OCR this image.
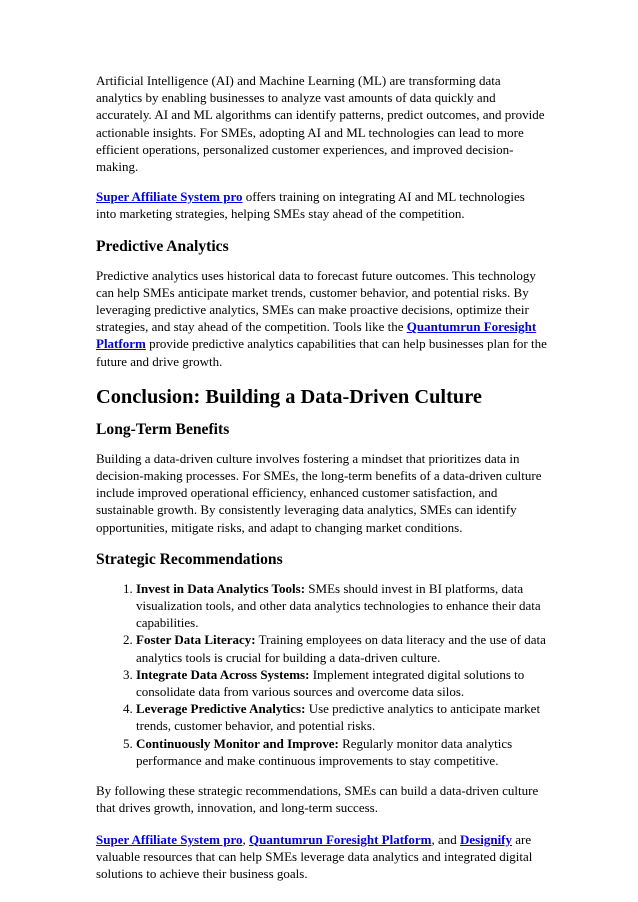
Artificial Intelligence (AI) and Machine Learning (ML) are transforming data analytics by enabling businesses to analyze vast amounts of data quickly and accurately. AI and ML algorithms can identify patterns, predict outcomes, and provide actionable insights. For SMEs, adopting AI and ML technologies can lead to more efficient operations, personalized customer experiences, and improved decision-making.

Super Affiliate System pro offers training on integrating AI and ML technologies into marketing strategies, helping SMEs stay ahead of the competition.

Predictive Analytics

Predictive analytics uses historical data to forecast future outcomes. This technology can help SMEs anticipate market trends, customer behavior, and potential risks. By leveraging predictive analytics, SMEs can make proactive decisions, optimize their strategies, and stay ahead of the competition. Tools like the Quantumrun Foresight Platform provide predictive analytics capabilities that can help businesses plan for the future and drive growth.

Conclusion: Building a Data-Driven Culture
Long-Term Benefits

Building a data-driven culture involves fostering a mindset that prioritizes data in decision-making processes. For SMEs, the long-term benefits of a data-driven culture include improved operational efficiency, enhanced customer satisfaction, and sustainable growth. By consistently leveraging data analytics, SMEs can identify opportunities, mitigate risks, and adapt to changing market conditions.

Strategic Recommendations
1. Invest in Data Analytics Tools: SMEs should invest in BI platforms, data visualization tools, and other data analytics technologies to enhance their data capabilities.
2. Foster Data Literacy: Training employees on data literacy and the use of data analytics tools is crucial for building a data-driven culture.
3. Integrate Data Across Systems: Implement integrated digital solutions to consolidate data from various sources and overcome data silos.
4. Leverage Predictive Analytics: Use predictive analytics to anticipate market trends, customer behavior, and potential risks.
5. Continuously Monitor and Improve: Regularly monitor data analytics performance and make continuous improvements to stay competitive.

By following these strategic recommendations, SMEs can build a data-driven culture that drives growth, innovation, and long-term success.

Super Affiliate System pro, Quantumrun Foresight Platform, and Designify are valuable resources that can help SMEs leverage data analytics and integrated digital solutions to achieve their business goals.
